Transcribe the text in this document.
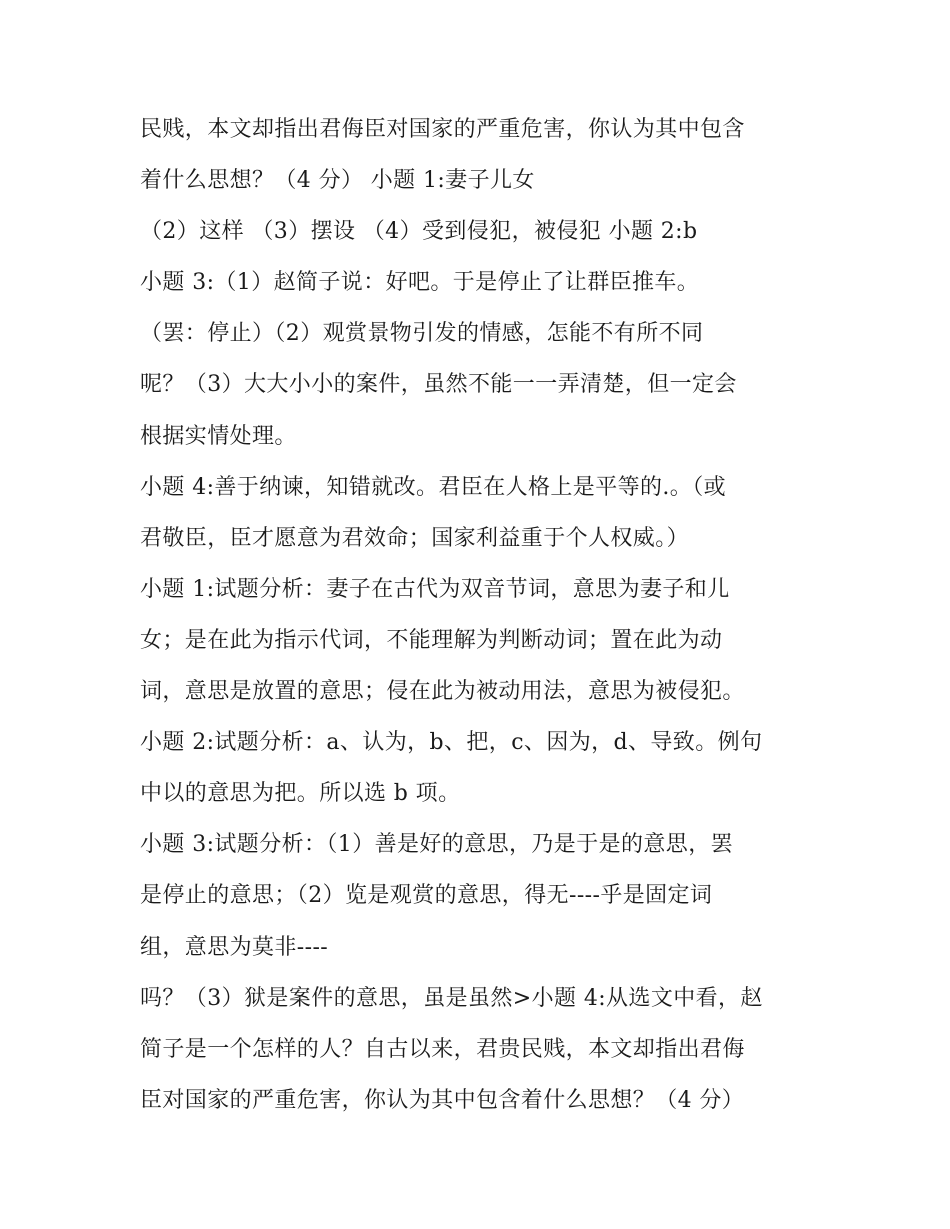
民贱，本文却指出君侮臣对国家的严重危害，你认为其中包含
着什么思想？（4 分） 小题 1:妻子儿女
（2）这样 （3）摆设 （4）受到侵犯，被侵犯 小题 2:b
小题 3:（1）赵简子说：好吧。于是停止了让群臣推车。
（罢：停止）（2）观赏景物引发的情感，怎能不有所不同
呢？（3）大大小小的案件，虽然不能一一弄清楚，但一定会
根据实情处理。
小题 4:善于纳谏，知错就改。君臣在人格上是平等的.。（或
君敬臣，臣才愿意为君效命；国家利益重于个人权威。）
小题 1:试题分析：妻子在古代为双音节词，意思为妻子和儿
女；是在此为指示代词，不能理解为判断动词；置在此为动
词，意思是放置的意思；侵在此为被动用法，意思为被侵犯。
小题 2:试题分析：a、认为，b、把，c、因为，d、导致。例句
中以的意思为把。所以选 b 项。
小题 3:试题分析：（1）善是好的意思，乃是于是的意思，罢
是停止的意思；（2）览是观赏的意思，得无----乎是固定词
组，意思为莫非----
吗？（3）狱是案件的意思，虽是虽然>小题 4:从选文中看，赵
简子是一个怎样的人？自古以来，君贵民贱，本文却指出君侮
臣对国家的严重危害，你认为其中包含着什么思想？（4 分）
